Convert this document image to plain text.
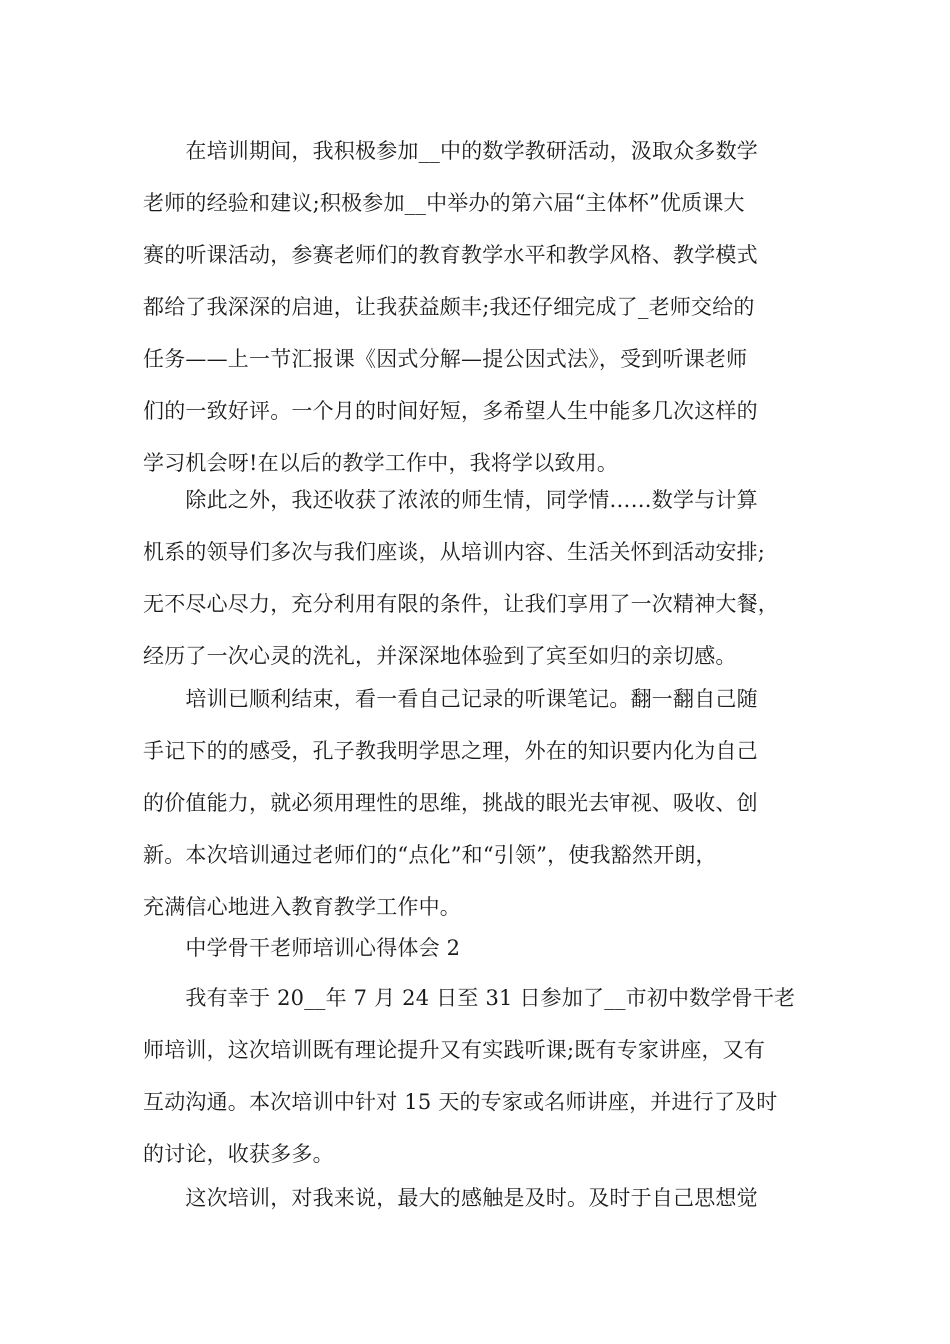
　　在培训期间，我积极参加__中的数学教研活动，汲取众多数学
老师的经验和建议;积极参加__中举办的第六届“主体杯”优质课大
赛的听课活动，参赛老师们的教育教学水平和教学风格、教学模式
都给了我深深的启迪，让我获益颇丰;我还仔细完成了_老师交给的
任务——上一节汇报课《因式分解—提公因式法》，受到听课老师
们的一致好评。一个月的时间好短，多希望人生中能多几次这样的
学习机会呀!在以后的教学工作中，我将学以致用。
　　除此之外，我还收获了浓浓的师生情，同学情……数学与计算
机系的领导们多次与我们座谈，从培训内容、生活关怀到活动安排;
无不尽心尽力，充分利用有限的条件，让我们享用了一次精神大餐，
经历了一次心灵的洗礼，并深深地体验到了宾至如归的亲切感。
　　培训已顺利结束，看一看自己记录的听课笔记。翻一翻自己随
手记下的的感受，孔子教我明学思之理，外在的知识要内化为自己
的价值能力，就必须用理性的思维，挑战的眼光去审视、吸收、创
新。本次培训通过老师们的“点化”和“引领”，使我豁然开朗，
充满信心地进入教育教学工作中。
　　中学骨干老师培训心得体会 2
　　我有幸于 20__年 7 月 24 日至 31 日参加了__市初中数学骨干老
师培训，这次培训既有理论提升又有实践听课;既有专家讲座，又有
互动沟通。本次培训中针对 15 天的专家或名师讲座，并进行了及时
的讨论，收获多多。
　　这次培训，对我来说，最大的感触是及时。及时于自己思想觉
